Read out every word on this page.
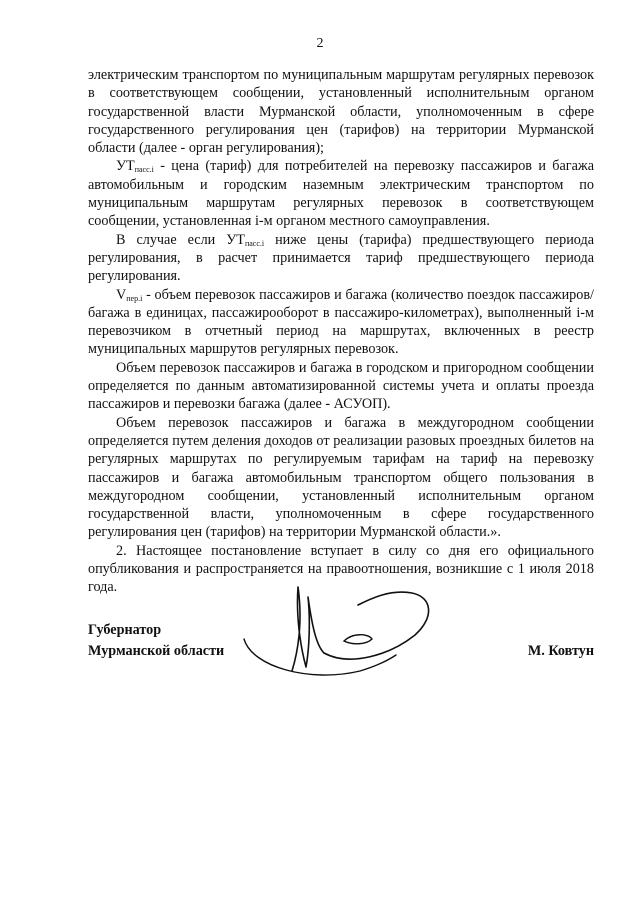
2

электрическим транспортом по муниципальным маршрутам регулярных перевозок в соответствующем сообщении, установленный исполнительным органом государственной власти Мурманской области, уполномоченным в сфере государственного регулирования цен (тарифов) на территории Мурманской области (далее - орган регулирования);

$УТ_{пасс.i}$ - цена (тариф) для потребителей на перевозку пассажиров и багажа автомобильным и городским наземным электрическим транспортом по муниципальным маршрутам регулярных перевозок в соответствующем сообщении, установленная i-м органом местного самоуправления.

В случае если $УТ_{пасс.i}$ ниже цены (тарифа) предшествующего периода регулирования, в расчет принимается тариф предшествующего периода регулирования.

$V_{пер.i}$ - объем перевозок пассажиров и багажа (количество поездок пассажиров/багажа в единицах, пассажирооборот в пассажиро-километрах), выполненный i-м перевозчиком в отчетный период на маршрутах, включенных в реестр муниципальных маршрутов регулярных перевозок.

Объем перевозок пассажиров и багажа в городском и пригородном сообщении определяется по данным автоматизированной системы учета и оплаты проезда пассажиров и перевозки багажа (далее - АСУОП).

Объем перевозок пассажиров и багажа в междугородном сообщении определяется путем деления доходов от реализации разовых проездных билетов на регулярных маршрутах по регулируемым тарифам на тариф на перевозку пассажиров и багажа автомобильным транспортом общего пользования в междугородном сообщении, установленный исполнительным органом государственной власти, уполномоченным в сфере государственного регулирования цен (тарифов) на территории Мурманской области.».

2. Настоящее постановление вступает в силу со дня его официального опубликования и распространяется на правоотношения, возникшие с 1 июля 2018 года.

Губернатор
Мурманской области	М. Ковтун
